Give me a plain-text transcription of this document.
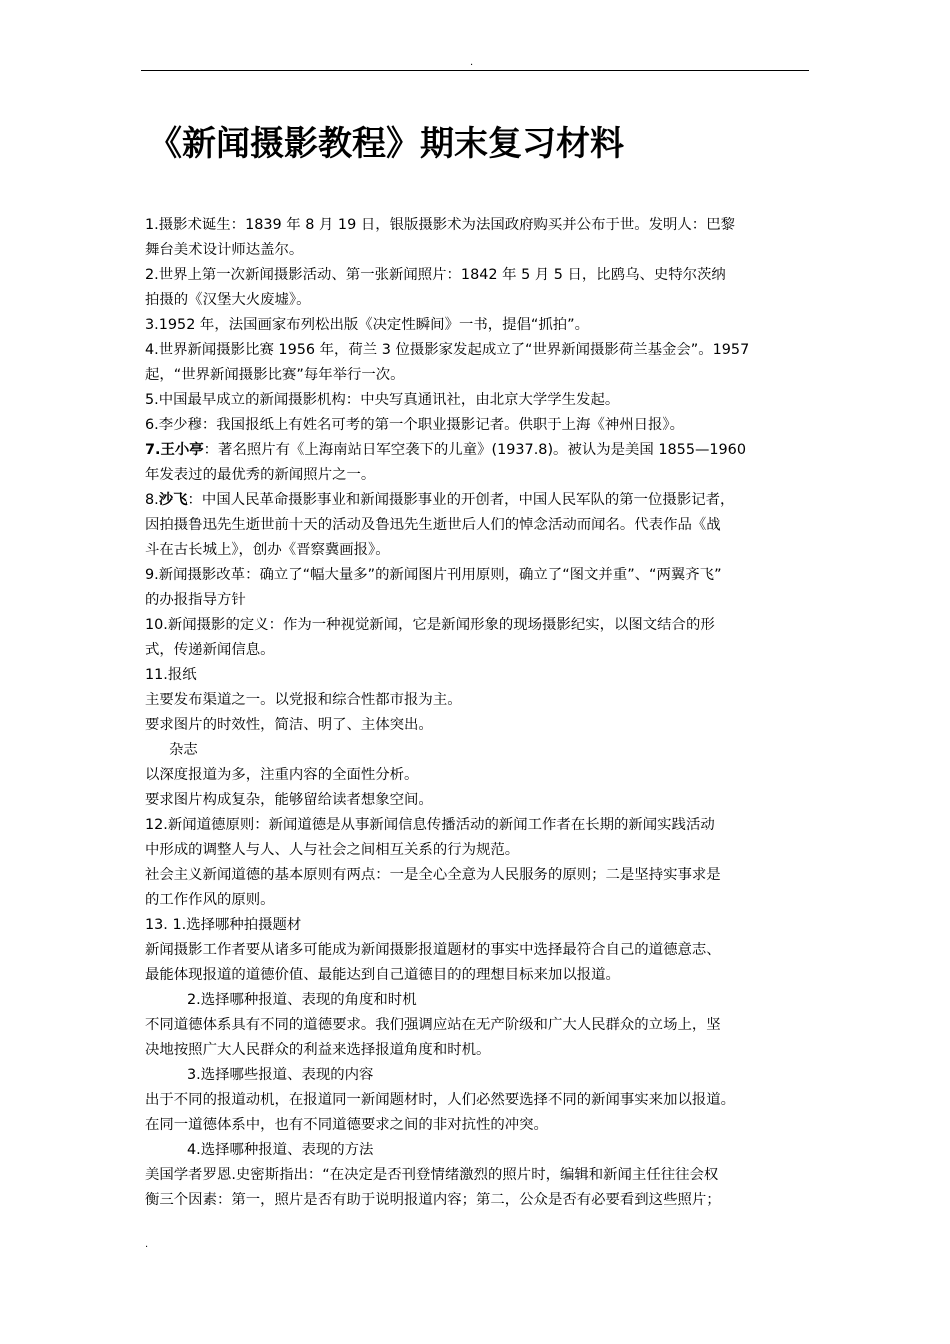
.
《新闻摄影教程》期末复习材料
1.摄影术诞生：1839 年 8 月 19 日，银版摄影术为法国政府购买并公布于世。发明人：巴黎
舞台美术设计师达盖尔。
2.世界上第一次新闻摄影活动、第一张新闻照片：1842 年 5 月 5 日，比鸥乌、史特尔茨纳
拍摄的《汉堡大火废墟》。
3.1952 年，法国画家布列松出版《决定性瞬间》一书，提倡“抓拍”。
4.世界新闻摄影比赛 1956 年，荷兰 3 位摄影家发起成立了“世界新闻摄影荷兰基金会”。1957
起，“世界新闻摄影比赛”每年举行一次。
5.中国最早成立的新闻摄影机构：中央写真通讯社，由北京大学学生发起。
6.李少穆：我国报纸上有姓名可考的第一个职业摄影记者。供职于上海《神州日报》。
7.王小亭：著名照片有《上海南站日军空袭下的儿童》(1937.8)。被认为是美国 1855—1960
年发表过的最优秀的新闻照片之一。
8.沙飞：中国人民革命摄影事业和新闻摄影事业的开创者，中国人民军队的第一位摄影记者，
因拍摄鲁迅先生逝世前十天的活动及鲁迅先生逝世后人们的悼念活动而闻名。代表作品《战
斗在古长城上》，创办《晋察冀画报》。
9.新闻摄影改革：确立了“幅大量多”的新闻图片刊用原则，确立了“图文并重”、“两翼齐飞”
的办报指导方针
10.新闻摄影的定义：作为一种视觉新闻，它是新闻形象的现场摄影纪实，以图文结合的形
式，传递新闻信息。
11.报纸
主要发布渠道之一。以党报和综合性都市报为主。
要求图片的时效性，简洁、明了、主体突出。
杂志
以深度报道为多，注重内容的全面性分析。
要求图片构成复杂，能够留给读者想象空间。
12.新闻道德原则：新闻道德是从事新闻信息传播活动的新闻工作者在长期的新闻实践活动
中形成的调整人与人、人与社会之间相互关系的行为规范。
社会主义新闻道德的基本原则有两点：一是全心全意为人民服务的原则；二是坚持实事求是
的工作作风的原则。
13. 1.选择哪种拍摄题材
新闻摄影工作者要从诸多可能成为新闻摄影报道题材的事实中选择最符合自己的道德意志、
最能体现报道的道德价值、最能达到自己道德目的的理想目标来加以报道。
2.选择哪种报道、表现的角度和时机
不同道德体系具有不同的道德要求。我们强调应站在无产阶级和广大人民群众的立场上，坚
决地按照广大人民群众的利益来选择报道角度和时机。
3.选择哪些报道、表现的内容
出于不同的报道动机，在报道同一新闻题材时，人们必然要选择不同的新闻事实来加以报道。
在同一道德体系中，也有不同道德要求之间的非对抗性的冲突。
4.选择哪种报道、表现的方法
美国学者罗恩.史密斯指出：“在决定是否刊登情绪激烈的照片时，编辑和新闻主任往往会权
衡三个因素：第一，照片是否有助于说明报道内容；第二，公众是否有必要看到这些照片；
.
